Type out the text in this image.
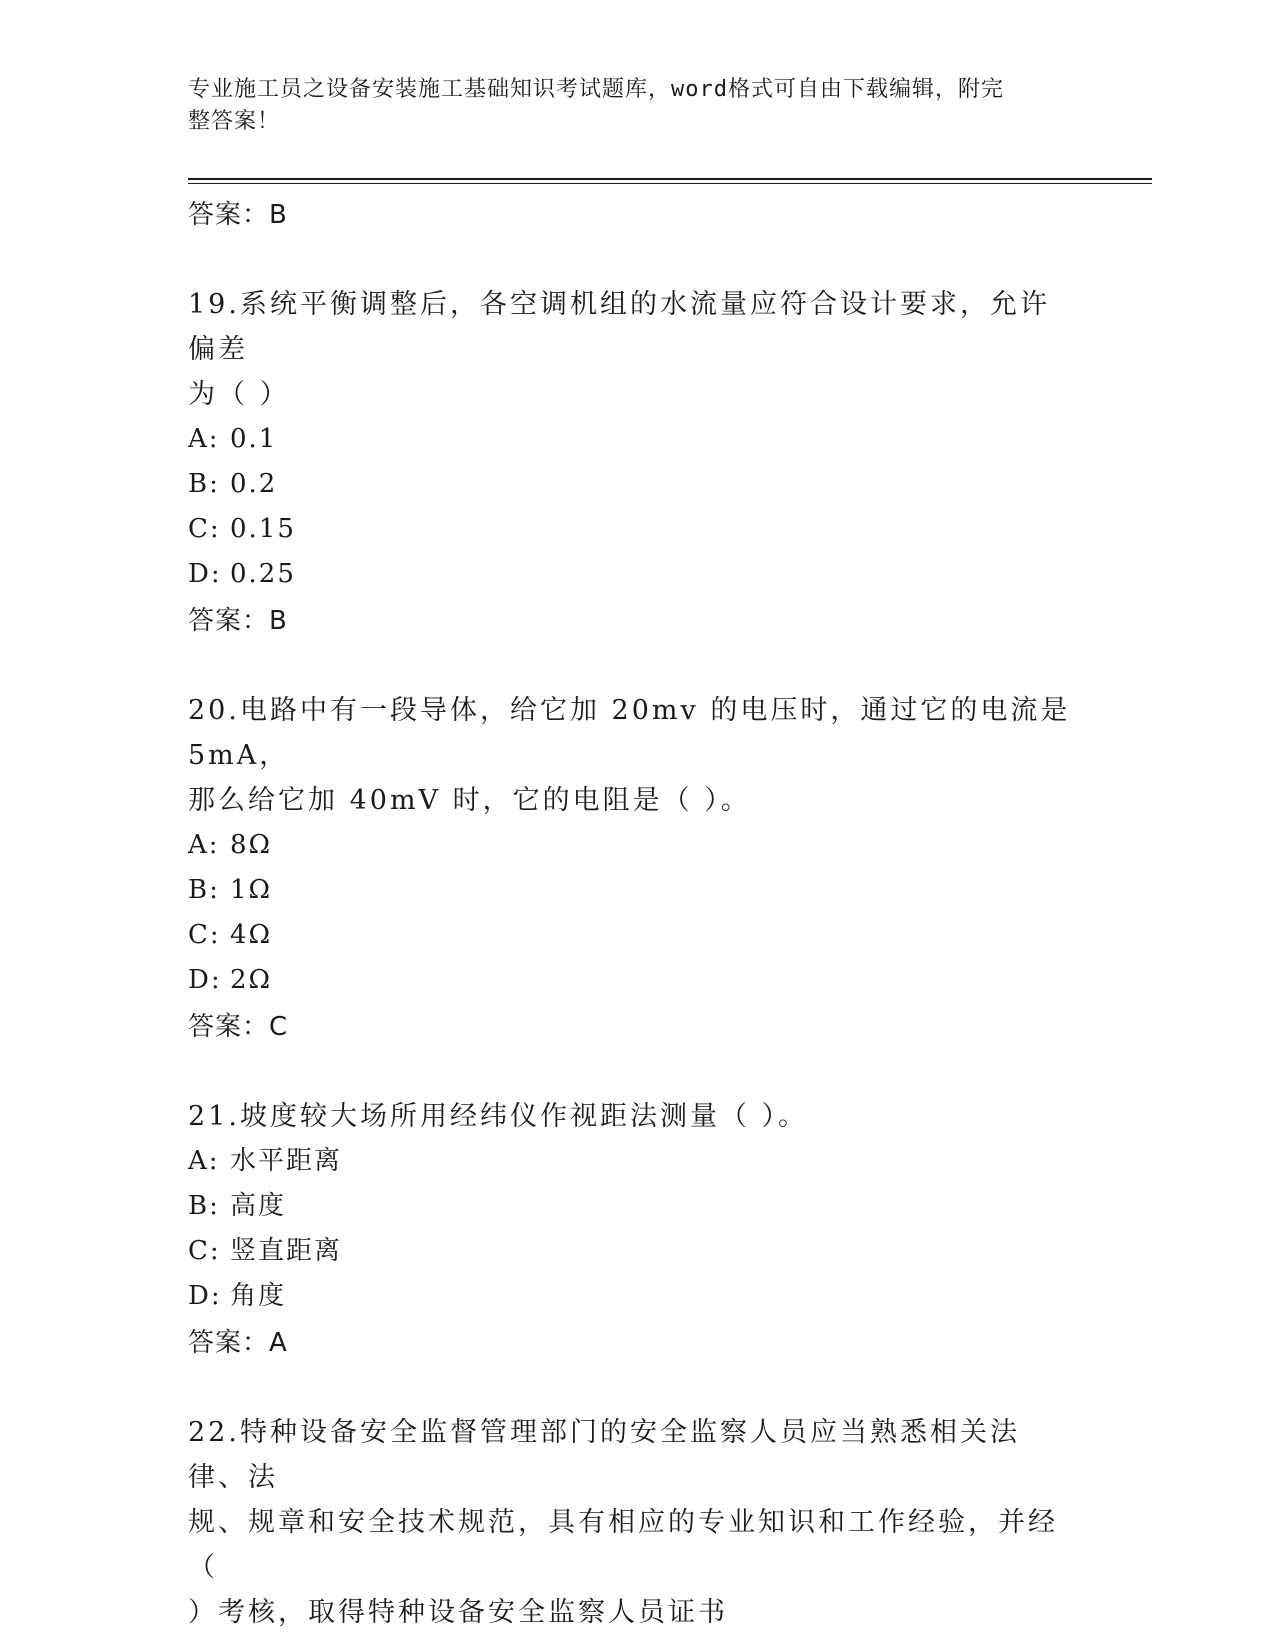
专业施工员之设备安装施工基础知识考试题库，word格式可自由下载编辑，附完
整答案！

答案：B

19.系统平衡调整后，各空调机组的水流量应符合设计要求，允许偏差

为（ ）

A: 0.1

B: 0.2

C: 0.15

D: 0.25

答案：B

20.电路中有一段导体，给它加 20mv 的电压时，通过它的电流是 5mA，

那么给它加 40mV 时，它的电阻是（ ）。

A: 8Ω

B: 1Ω

C: 4Ω

D: 2Ω

答案：C

21.坡度较大场所用经纬仪作视距法测量（ ）。

A: 水平距离

B: 高度

C: 竖直距离

D: 角度

答案：A

22.特种设备安全监督管理部门的安全监察人员应当熟悉相关法律、法

规、规章和安全技术规范，具有相应的专业知识和工作经验，并经（

）考核，取得特种设备安全监察人员证书
